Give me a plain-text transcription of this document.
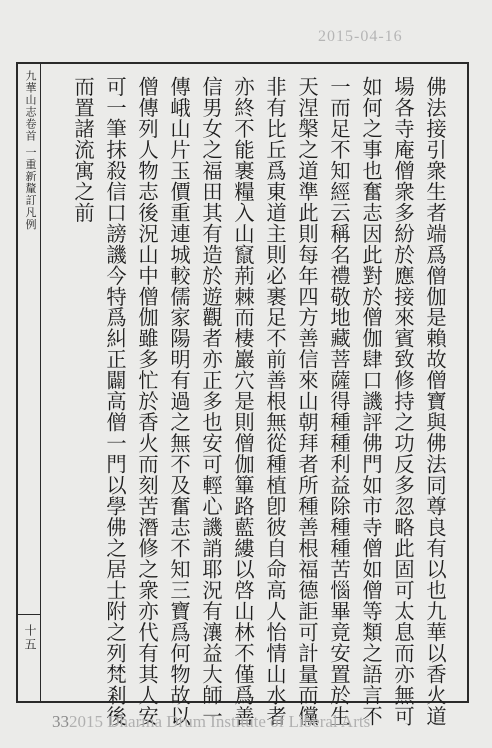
2015-04-16
九華山志卷首 一重新釐訂凡例
十五	佛法接引衆生者端爲僧伽是賴故僧寶與佛法同尊良有以也九華以香火道
場各寺庵僧衆多紛於應接來賓致修持之功反多忽略此固可太息而亦無可
如何之事也奮志因此對於僧伽肆口譏評佛門如市寺僧如僧等類之語言不
一而足不知經云稱名禮敬地藏菩薩得種種利益除種種苦惱畢竟安置於生
天涅槃之道準此則每年四方善信來山朝拜者所種善根福德詎可計量而儻
非有比丘爲東道主則必裹足不前善根無從種植卽彼自命高人怡情山水者
亦終不能裹糧入山竄荊棘而棲巖穴是則僧伽篳路藍縷以啓山林不僅爲善
信男女之福田其有造於遊觀者亦正多也安可輕心譏誚耶況有瀼益大師一
傳峨山片玉價重連城較儒家陽明有過之無不及奮志不知三寶爲何物故以
僧傳列人物志後況山中僧伽雖多忙於香火而刻苦潛修之衆亦代有其人安
可一筆抹殺信口謗譏今特爲糾正闢高僧一門以學佛之居士附之列梵剎後
而置諸流寓之前
332015 Dharma Drum Institute of Liberal Arts
